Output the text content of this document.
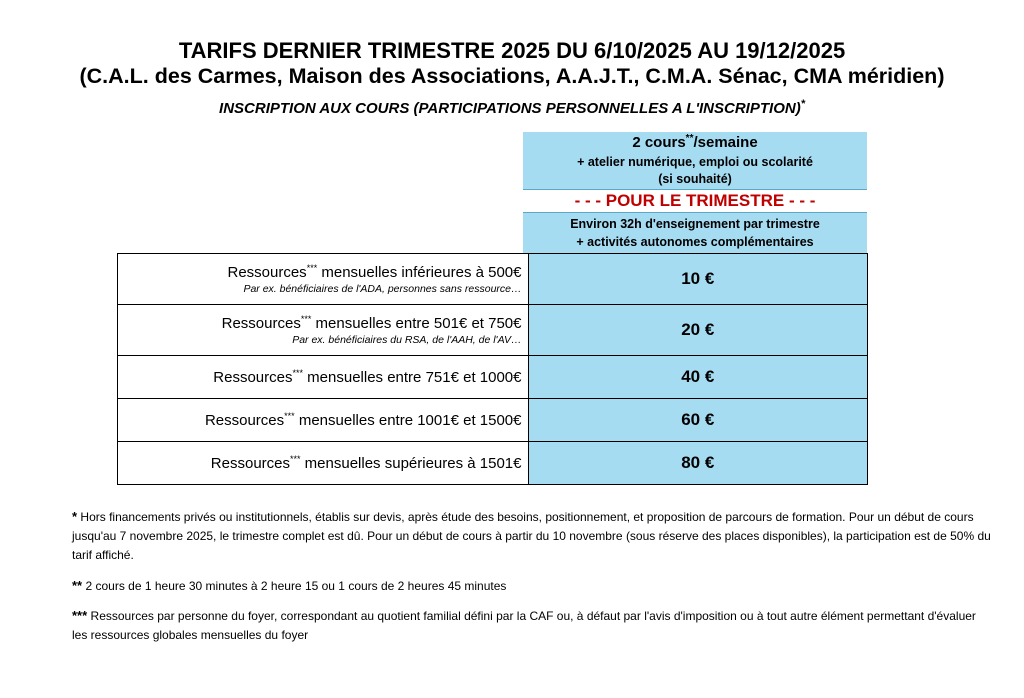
TARIFS DERNIER TRIMESTRE 2025 DU 6/10/2025 AU 19/12/2025
(C.A.L. des Carmes, Maison des Associations, A.A.J.T., C.M.A. Sénac, CMA méridien)
INSCRIPTION AUX COURS (PARTICIPATIONS PERSONNELLES A L'INSCRIPTION)*
2 cours**/semaine
+ atelier numérique, emploi ou scolarité
(si souhaité)
- - - POUR LE TRIMESTRE - - -
Environ 32h d'enseignement par trimestre
+ activités autonomes complémentaires
Ressources*** mensuelles inférieures à 500€
Par ex. bénéficiaires de l'ADA, personnes sans ressource…	10 €
Ressources*** mensuelles entre 501€ et 750€
Par ex. bénéficiaires du RSA, de l'AAH, de l'AV…	20 €
Ressources*** mensuelles entre 751€ et 1000€	40 €
Ressources*** mensuelles entre 1001€ et 1500€	60 €
Ressources*** mensuelles supérieures à 1501€	80 €
* Hors financements privés ou institutionnels, établis sur devis, après étude des besoins, positionnement, et proposition de parcours de formation. Pour un début de cours jusqu'au 7 novembre 2025, le trimestre complet est dû. Pour un début de cours à partir du 10 novembre (sous réserve des places disponibles), la participation est de 50% du tarif affiché.
** 2 cours de 1 heure 30 minutes à 2 heure 15 ou 1 cours de 2 heures 45 minutes
*** Ressources par personne du foyer, correspondant au quotient familial défini par la CAF ou, à défaut par l'avis d'imposition ou à tout autre élément permettant d'évaluer les ressources globales mensuelles du foyer
